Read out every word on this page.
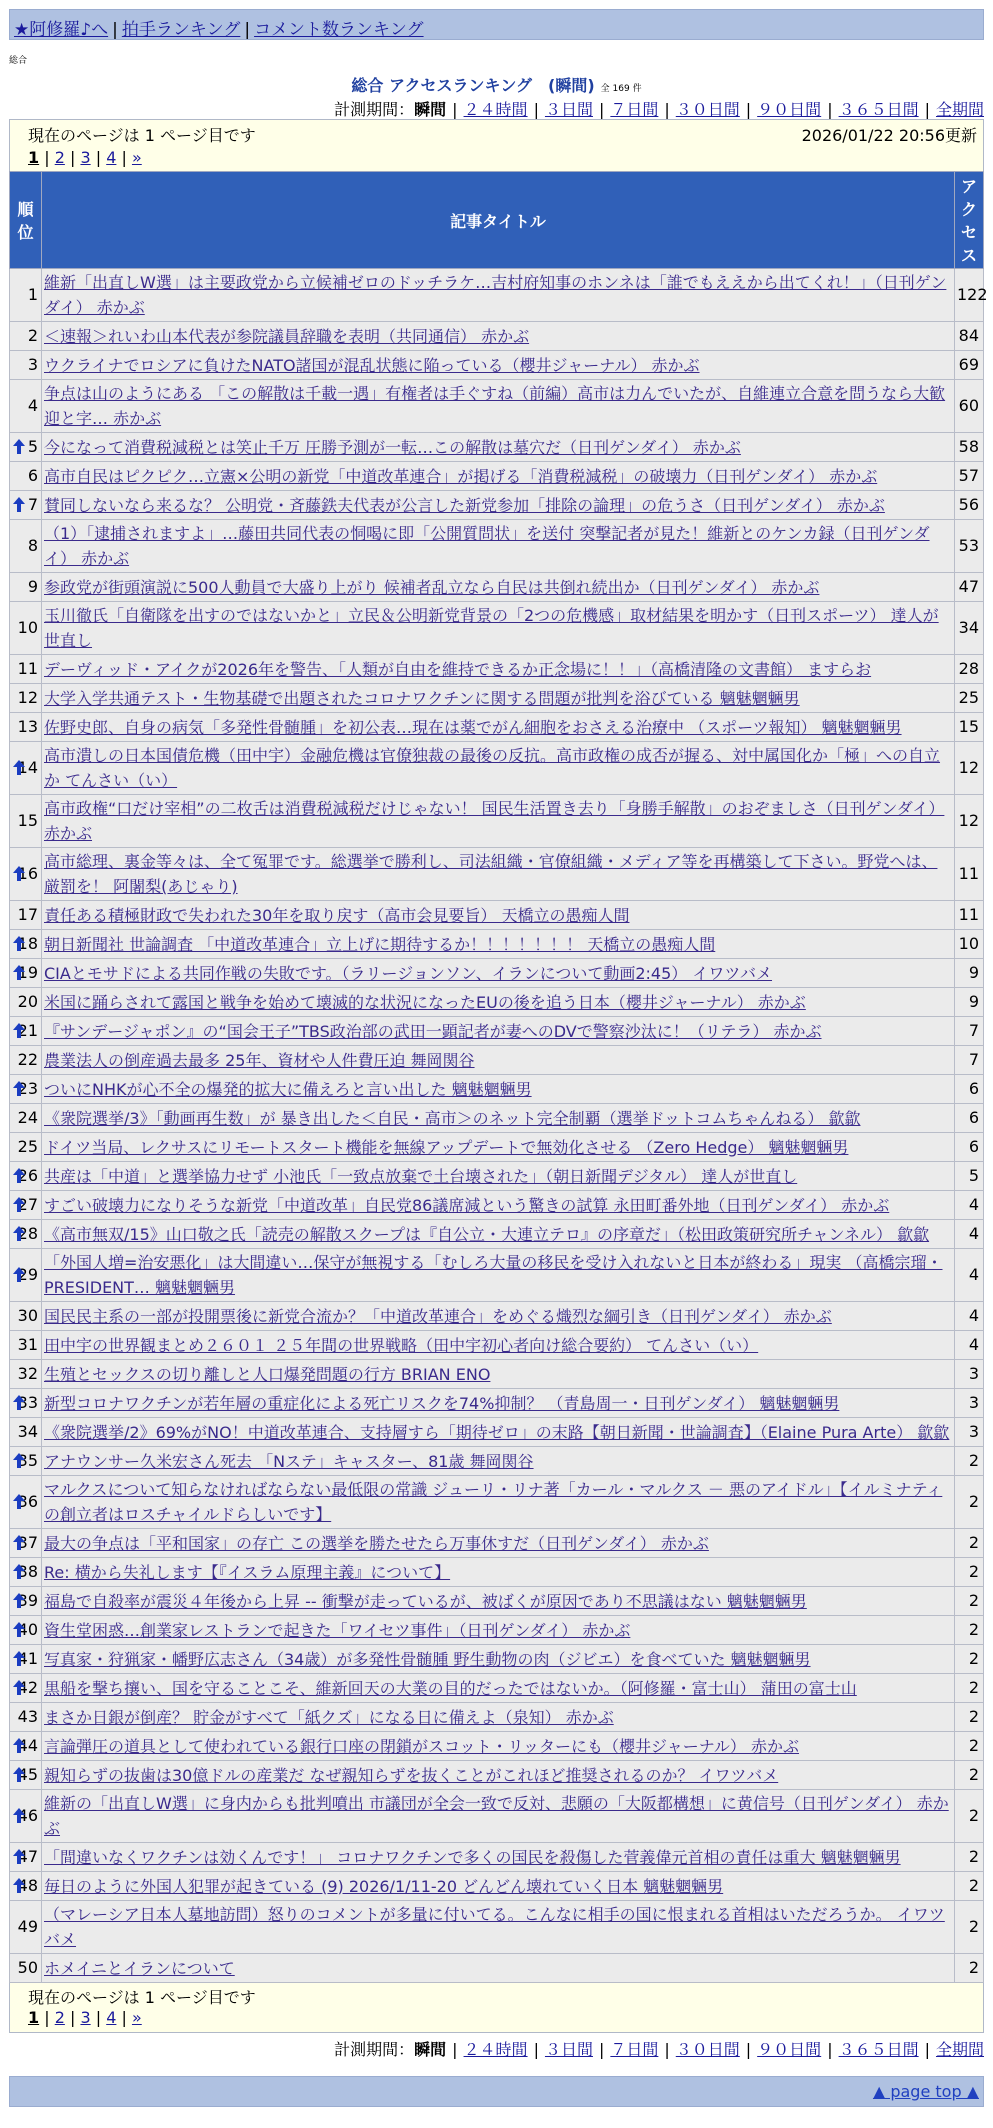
★阿修羅♪へ | 拍手ランキング | コメント数ランキング
総合
総合 アクセスランキング　(瞬間) 全 169 件
計測期間：瞬間 | ２４時間 | ３日間 | ７日間 | ３０日間 | ９０日間 | ３６５日間 | 全期間
現在のページは 1 ページ目です	2026/01/22 20:56更新
1 | 2 | 3 | 4 | »
順位	記事タイトル	アクセス
1	維新「出直しW選」は主要政党から立候補ゼロのドッチラケ…吉村府知事のホンネは「誰でもええから出てくれ！」（日刊ゲンダイ） 赤かぶ	122
2	＜速報＞れいわ山本代表が参院議員辞職を表明（共同通信） 赤かぶ	84
3	ウクライナでロシアに負けたNATO諸国が混乱状態に陥っている（櫻井ジャーナル） 赤かぶ	69
4	争点は山のようにある 「この解散は千載一遇」有権者は手ぐすね（前編）高市は力んでいたが、自維連立合意を問うなら大歓迎と字… 赤かぶ	60

5	今になって消費税減税とは笑止千万 圧勝予測が一転…この解散は墓穴だ（日刊ゲンダイ） 赤かぶ	58
6	高市自民はピクピク…立憲×公明の新党「中道改革連合」が掲げる「消費税減税」の破壊力（日刊ゲンダイ） 赤かぶ	57

7	賛同しないなら来るな？ 公明党・斉藤鉄夫代表が公言した新党参加「排除の論理」の危うさ（日刊ゲンダイ） 赤かぶ	56
8	（1）「逮捕されますよ」…藤田共同代表の恫喝に即「公開質問状」を送付 突撃記者が見た！維新とのケンカ録（日刊ゲンダイ） 赤かぶ	53
9	参政党が街頭演説に500人動員で大盛り上がり 候補者乱立なら自民は共倒れ続出か（日刊ゲンダイ） 赤かぶ	47
10	玉川徹氏「自衛隊を出すのではないかと」立民＆公明新党背景の「2つの危機感」取材結果を明かす（日刊スポーツ） 達人が世直し	34
11	デーヴィッド・アイクが2026年を警告、「人類が自由を維持できるか正念場に！！」（高橋清隆の文書館） ますらお	28
12	大学入学共通テスト・生物基礎で出題されたコロナワクチンに関する問題が批判を浴びている 魑魅魍魎男	25
13	佐野史郎、自身の病気「多発性骨髄腫」を初公表…現在は薬でがん細胞をおさえる治療中 （スポーツ報知） 魑魅魍魎男	15

14	高市潰しの日本国債危機（田中宇）金融危機は官僚独裁の最後の反抗。高市政権の成否が握る、対中属国化か「極」への自立か てんさい（い）	12
15	高市政権“口だけ宰相”の二枚舌は消費税減税だけじゃない！ 国民生活置き去り「身勝手解散」のおぞましさ（日刊ゲンダイ） 赤かぶ	12

16	高市総理、裏金等々は、全て冤罪です。総選挙で勝利し、司法組織・官僚組織・メディア等を再構築して下さい。野党へは、厳罰を！ 阿闍梨(あじゃり)	11
17	責任ある積極財政で失われた30年を取り戻す（高市会見要旨） 天橋立の愚痴人間	11

18	朝日新聞社 世論調査 「中道改革連合」立上げに期待するか！！！！！！！ 天橋立の愚痴人間	10

19	CIAとモサドによる共同作戦の失敗です。（ラリージョンソン、イランについて動画2:45） イワツバメ	9
20	米国に踊らされて露国と戦争を始めて壊滅的な状況になったEUの後を追う日本（櫻井ジャーナル） 赤かぶ	9

21	『サンデージャポン』の“国会王子”TBS政治部の武田一顕記者が妻へのDVで警察沙汰に！（リテラ） 赤かぶ	7
22	農業法人の倒産過去最多 25年、資材や人件費圧迫 舞岡関谷	7

23	ついにNHKが心不全の爆発的拡大に備えろと言い出した 魑魅魍魎男	6
24	《衆院選挙/3》「動画再生数」が 暴き出した＜自民・高市＞のネット完全制覇（選挙ドットコムちゃんねる） 歙歙	6
25	ドイツ当局、レクサスにリモートスタート機能を無線アップデートで無効化させる （Zero Hedge） 魑魅魍魎男	6

26	共産は「中道」と選挙協力せず 小池氏「一致点放棄で土台壊された」（朝日新聞デジタル） 達人が世直し	5

27	すごい破壊力になりそうな新党「中道改革」自民党86議席減という驚きの試算 永田町番外地（日刊ゲンダイ） 赤かぶ	4

28	《高市無双/15》山口敬之氏「読売の解散スクープは『自公立・大連立テロ』の序章だ」（松田政策研究所チャンネル） 歙歙	4

29	「外国人増=治安悪化」は大間違い…保守が無視する「むしろ大量の移民を受け入れないと日本が終わる」現実 （高橋宗瑠・PRESIDENT… 魑魅魍魎男	4
30	国民民主系の一部が投開票後に新党合流か？「中道改革連合」をめぐる熾烈な綱引き（日刊ゲンダイ） 赤かぶ	4
31	田中宇の世界観まとめ２６０１ ２５年間の世界戦略（田中宇初心者向け総合要約） てんさい（い）	4
32	生殖とセックスの切り離しと人口爆発問題の行方 BRIAN ENO	3

33	新型コロナワクチンが若年層の重症化による死亡リスクを74%抑制？ （青島周一・日刊ゲンダイ） 魑魅魍魎男	3
34	《衆院選挙/2》69%がNO！中道改革連合、支持層すら「期待ゼロ」の末路【朝日新聞・世論調査】（Elaine Pura Arte） 歙歙	3

35	アナウンサー久米宏さん死去 「Nステ」キャスター、81歳 舞岡関谷	2

36	マルクスについて知らなければならない最低限の常識 ジューリ・リナ著「カール・マルクス － 悪のアイドル」【イルミナティの創立者はロスチャイルドらしいです】	2

37	最大の争点は「平和国家」の存亡 この選挙を勝たせたら万事休すだ（日刊ゲンダイ） 赤かぶ	2

38	Re: 横から失礼します【『イスラム原理主義』について】	2

39	福島で自殺率が震災４年後から上昇 -- 衝撃が走っているが、被ばくが原因であり不思議はない 魑魅魍魎男	2

40	資生堂困惑…創業家レストランで起きた「ワイセツ事件」（日刊ゲンダイ） 赤かぶ	2

41	写真家・狩猟家・幡野広志さん（34歳）が多発性骨髄腫 野生動物の肉（ジビエ）を食べていた 魑魅魍魎男	2

42	黒船を撃ち攘い、国を守ることこそ、維新回天の大業の目的だったではないか。（阿修羅・富士山） 蒲田の富士山	2
43	まさか日銀が倒産？ 貯金がすべて「紙クズ」になる日に備えよ（泉知） 赤かぶ	2

44	言論弾圧の道具として使われている銀行口座の閉鎖がスコット・リッターにも（櫻井ジャーナル） 赤かぶ	2

45	親知らずの抜歯は30億ドルの産業だ なぜ親知らずを抜くことがこれほど推奨されるのか？ イワツバメ	2

46	維新の「出直しW選」に身内からも批判噴出 市議団が全会一致で反対、悲願の「大阪都構想」に黄信号（日刊ゲンダイ） 赤かぶ	2

47	「間違いなくワクチンは効くんです！」 コロナワクチンで多くの国民を殺傷した菅義偉元首相の責任は重大 魑魅魍魎男	2

48	毎日のように外国人犯罪が起きている (9) 2026/1/11-20 どんどん壊れていく日本 魑魅魍魎男	2
49	（マレーシア日本人墓地訪問）怒りのコメントが多量に付いてる。こんなに相手の国に恨まれる首相はいただろうか。 イワツバメ	2
50	ホメイニとイランについて	2
現在のページは 1 ページ目です
1 | 2 | 3 | 4 | »
計測期間：瞬間 | ２４時間 | ３日間 | ７日間 | ３０日間 | ９０日間 | ３６５日間 | 全期間
▲ page top ▲
